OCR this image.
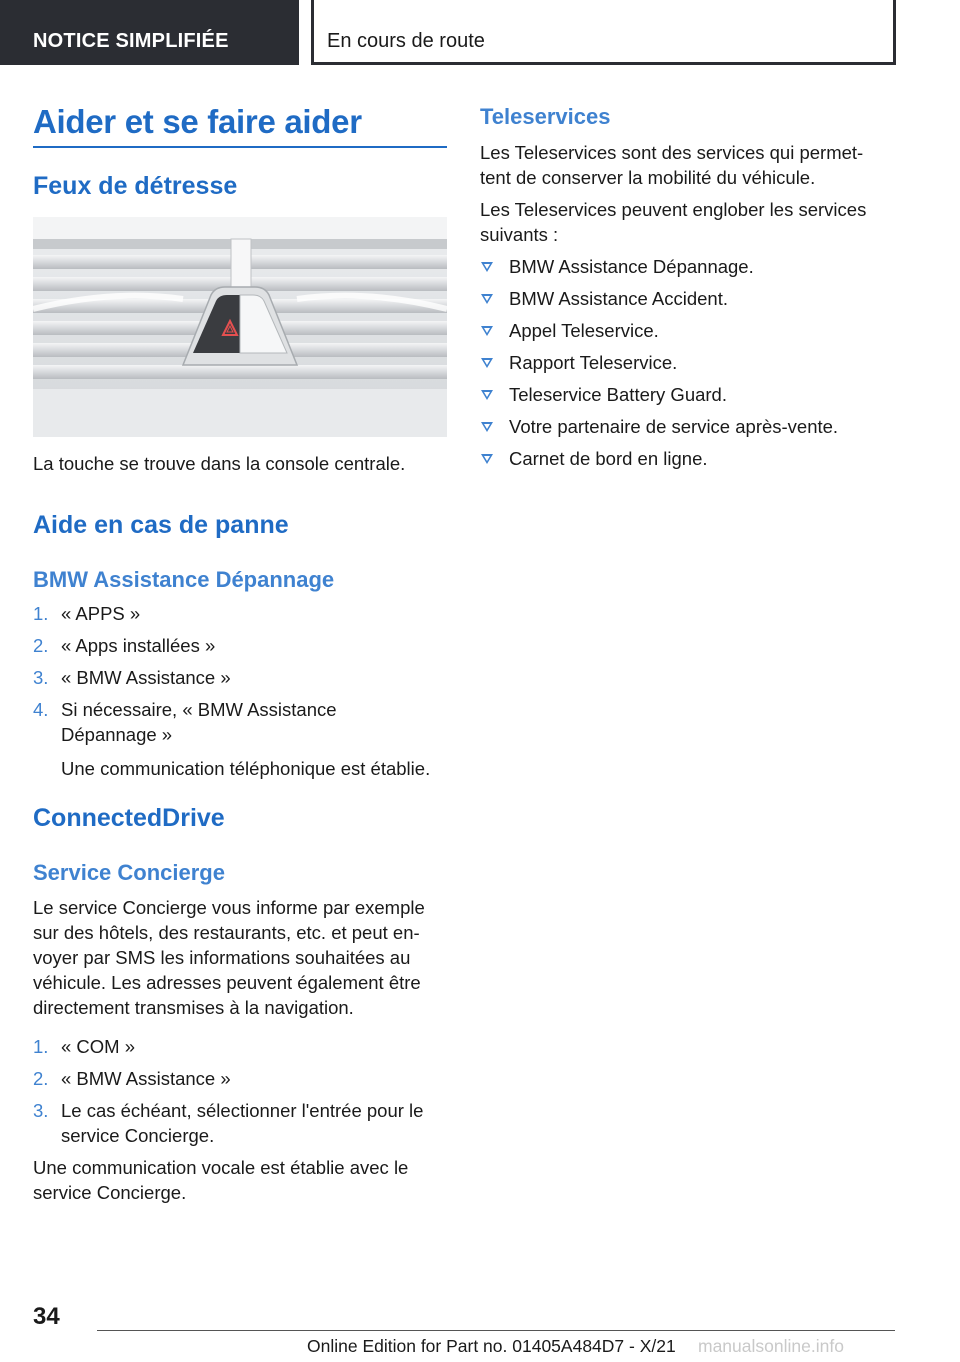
NOTICE SIMPLIFIÉE	En cours de route
Aider et se faire aider
Feux de détresse
La touche se trouve dans la console centrale.
Aide en cas de panne
BMW Assistance Dépannage
1. « APPS »
2. « Apps installées »
3. « BMW Assistance »
4. Si nécessaire, « BMW Assistance Dépannage »
Une communication téléphonique est établie.
ConnectedDrive
Service Concierge
Le service Concierge vous informe par exemple sur des hôtels, des restaurants, etc. et peut en-voyer par SMS les informations souhaitées au véhicule. Les adresses peuvent également être directement transmises à la navigation.
1. « COM »
2. « BMW Assistance »
3. Le cas échéant, sélectionner l'entrée pour le service Concierge.
Une communication vocale est établie avec le service Concierge.
Teleservices
Les Teleservices sont des services qui permet-tent de conserver la mobilité du véhicule.
Les Teleservices peuvent englober les services suivants :
BMW Assistance Dépannage.
BMW Assistance Accident.
Appel Teleservice.
Rapport Teleservice.
Teleservice Battery Guard.
Votre partenaire de service après-vente.
Carnet de bord en ligne.
34
Online Edition for Part no. 01405A484D7 - X/21 manualsonline.info
